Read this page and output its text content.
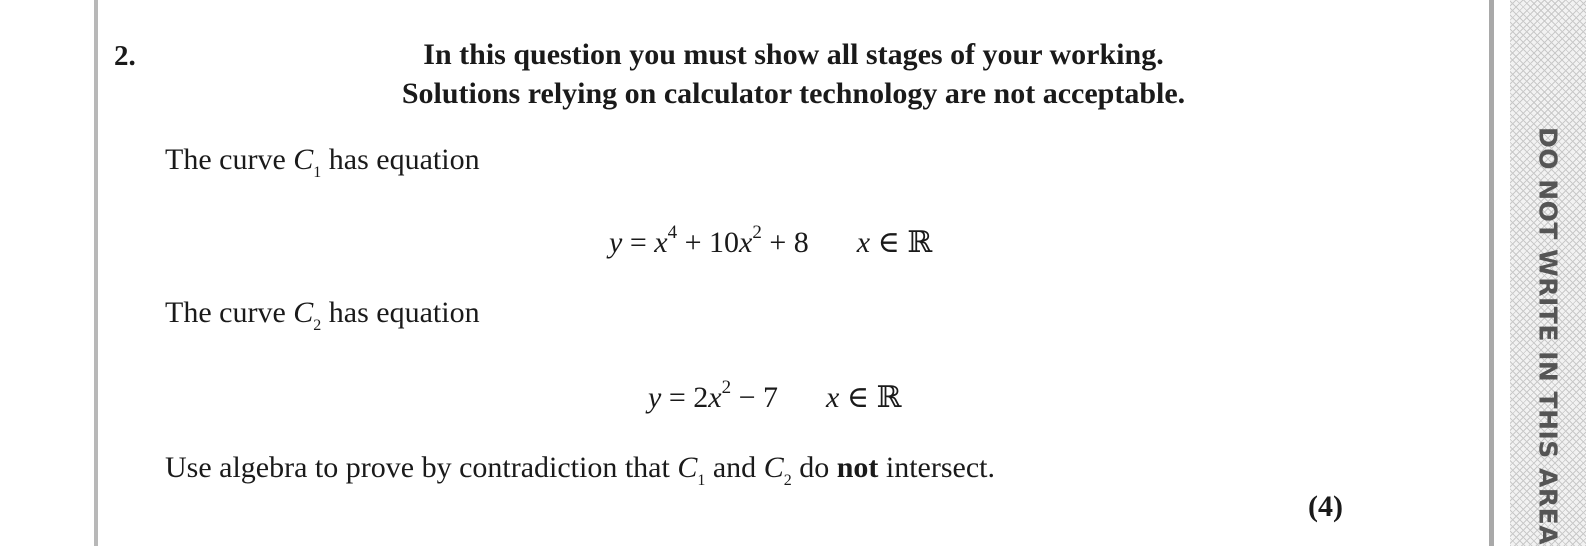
DO NOT WRITE IN THIS AREA
2.	In this question you must show all stages of your working.
Solutions relying on calculator technology are not acceptable.
The curve $C_1$ has equation
$y = x^4 + 10x^2 + 8$ x ∈ ℝ
The curve $C_2$ has equation
$y = 2x^2 - 7$ x ∈ ℝ
Use algebra to prove by contradiction that $C_1$ and $C_2$ do not intersect.
(4)
